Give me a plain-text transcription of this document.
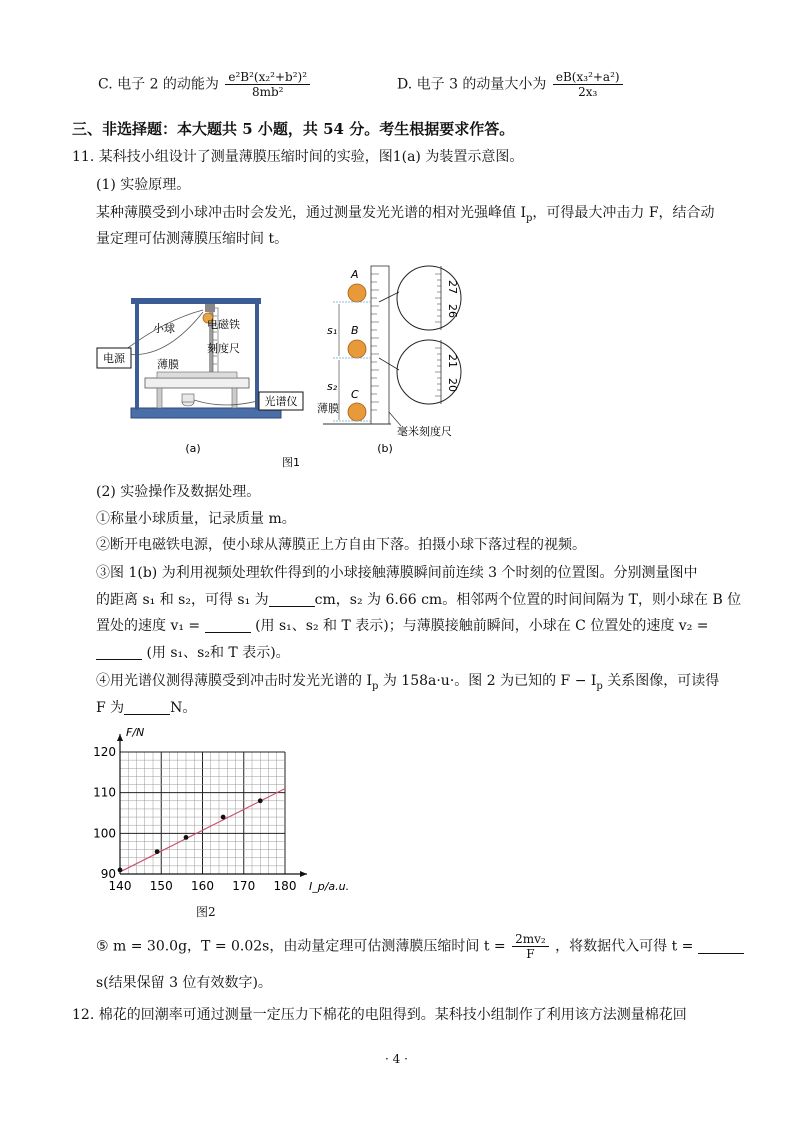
C. 电子 2 的动能为 $\frac{\text{e²B²(x₂²+b²)²}}{\text{8mb²}}$	D. 电子 3 的动量大小为 $\frac{\text{eB(x₃²+a²)}}{\text{2x₃}}$
三、非选择题：本大题共 5 小题，共 54 分。考生根据要求作答。
11. 某科技小组设计了测量薄膜压缩时间的实验，图1(a) 为装置示意图。
(1) 实验原理。
某种薄膜受到小球冲击时会发光，通过测量发光光谱的相对光强峰值 $I_p$，可得最大冲击力 F，结合动
量定理可估测薄膜压缩时间 t。
电源
小球	电磁铁
刻度尺
薄膜
光谱仪
(a)
A
B
C
s₁
s₂
薄膜
27
26
21
20
毫米刻度尺
(b)
图1
(2) 实验操作及数据处理。
①称量小球质量，记录质量 m。
②断开电磁铁电源，使小球从薄膜正上方自由下落。拍摄小球下落过程的视频。
③图 1(b) 为利用视频处理软件得到的小球接触薄膜瞬间前连续 3 个时刻的位置图。分别测量图中
的距离 s₁ 和 s₂，可得 s₁ 为	cm，s₂ 为 6.66 cm。相邻两个位置的时间间隔为 T，则小球在 B 位
置处的速度 v₁ =	(用 s₁、s₂ 和 T 表示)；与薄膜接触前瞬间，小球在 C 位置处的速度 v₂ =
(用 s₁、s₂和 T 表示)。
④用光谱仪测得薄膜受到冲击时发光光谱的 $I_p$ 为 158a·u·。图 2 为已知的 $F - I_p$ 关系图像，可读得
F 为	N。
140 150 160 170 180
90
100
110
120
F/N
I_p/a.u.
图2
⑤ m = 30.0g，T = 0.02s，由动量定理可估测薄膜压缩时间 $t = \frac{\text{2mv₂}}{F}$ ，将数据代入可得 t =
s(结果保留 3 位有效数字)。
12. 棉花的回潮率可通过测量一定压力下棉花的电阻得到。某科技小组制作了利用该方法测量棉花回
· 4 ·
